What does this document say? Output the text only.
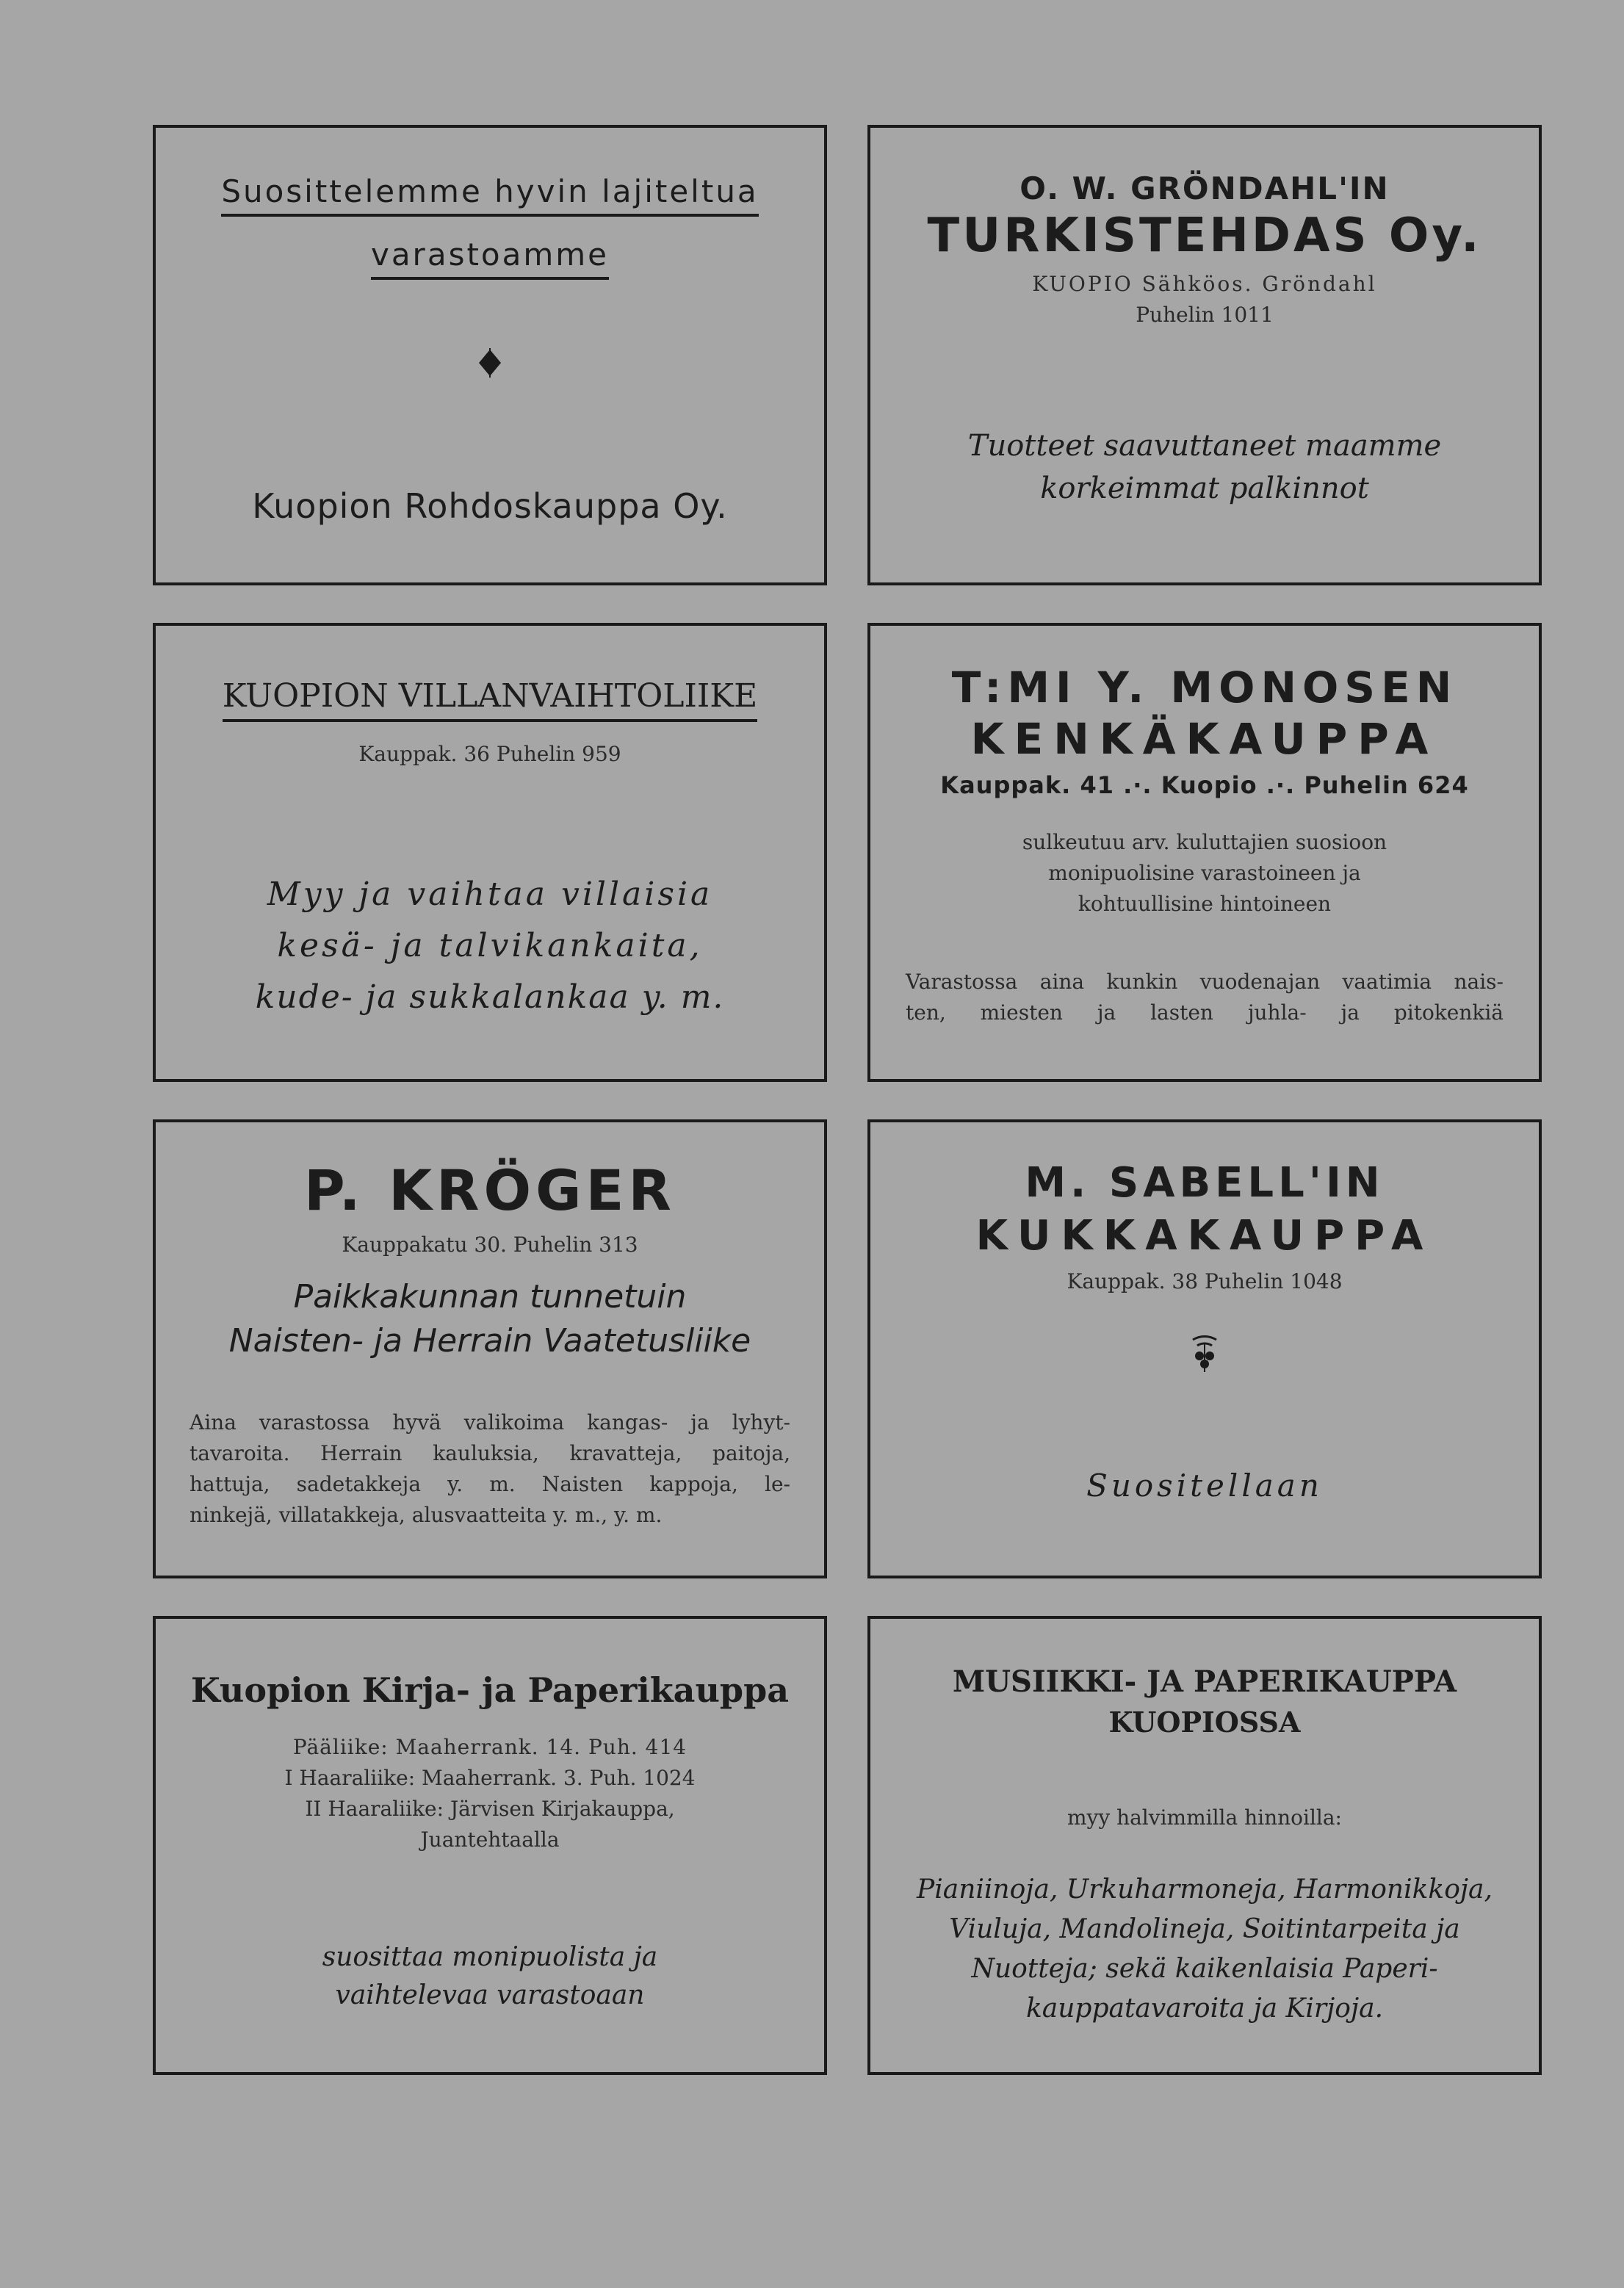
Suosittelemme hyvin lajiteltua
varastoamme
Kuopion Rohdoskauppa Oy.
O. W. GRÖNDAHL'IN
TURKISTEHDAS Oy.
KUOPIO Sähköos. Gröndahl
Puhelin 1011
Tuotteet saavuttaneet maamme
korkeimmat palkinnot
KUOPION VILLANVAIHTOLIIKE
Kauppak. 36 Puhelin 959
Myy ja vaihtaa villaisia
kesä- ja talvikankaita,
kude- ja sukkalankaa y. m.
T:MI Y. MONOSEN
KENKÄKAUPPA
Kauppak. 41 .·. Kuopio .·. Puhelin 624
sulkeutuu arv. kuluttajien suosioon
monipuolisine varastoineen ja
kohtuullisine hintoineen
Varastossa aina kunkin vuodenajan vaatimia nais-
ten, miesten ja lasten juhla- ja pitokenkiä
P. KRÖGER
Kauppakatu 30. Puhelin 313
Paikkakunnan tunnetuin
Naisten- ja Herrain Vaatetusliike
Aina varastossa hyvä valikoima kangas- ja lyhyt-
tavaroita. Herrain kauluksia, kravatteja, paitoja,
hattuja, sadetakkeja y. m. Naisten kappoja, le-
ninkejä, villatakkeja, alusvaatteita y. m., y. m.
M. SABELL'IN
KUKKAKAUPPA
Kauppak. 38 Puhelin 1048
Suositellaan
Kuopion Kirja- ja Paperikauppa
Pääliike: Maaherrank. 14. Puh. 414
I Haaraliike: Maaherrank. 3. Puh. 1024
II Haaraliike: Järvisen Kirjakauppa,
Juantehtaalla
suosittaa monipuolista ja
vaihtelevaa varastoaan
MUSIIKKI- JA PAPERIKAUPPA
KUOPIOSSA
myy halvimmilla hinnoilla:
Pianiinoja, Urkuharmoneja, Harmonikkoja,
Viuluja, Mandolineja, Soitintarpeita ja
Nuotteja; sekä kaikenlaisia Paperi-
kauppatavaroita ja Kirjoja.
